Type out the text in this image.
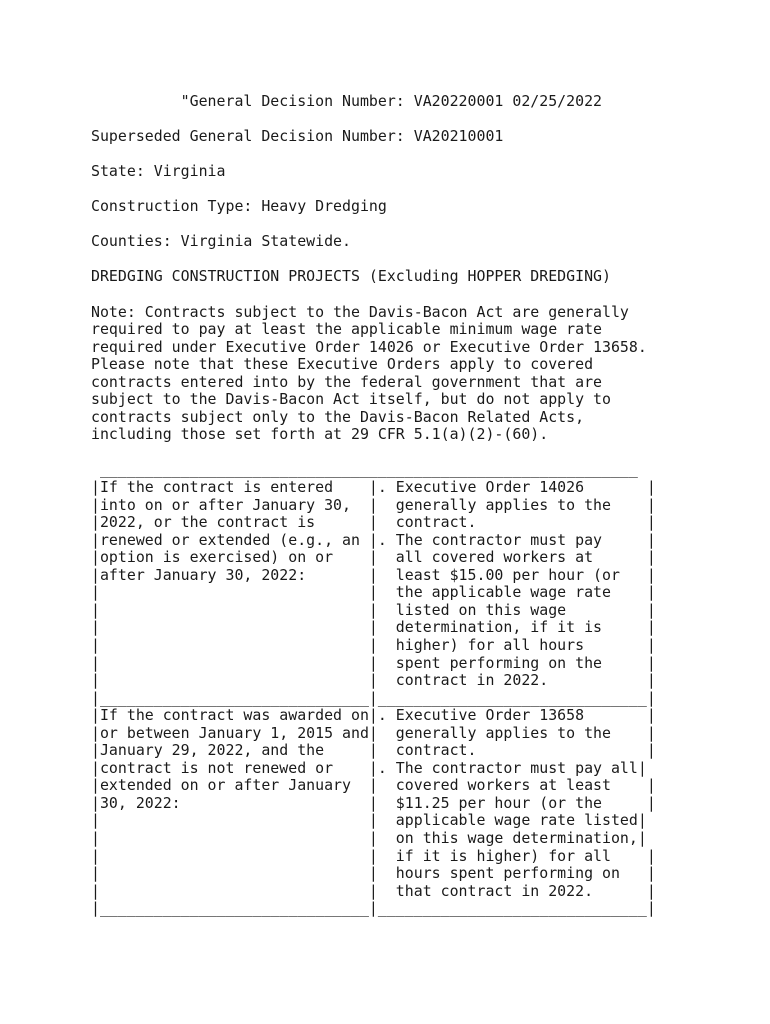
"General Decision Number: VA20220001 02/25/2022
Superseded General Decision Number: VA20210001
State: Virginia
Construction Type: Heavy Dredging
Counties: Virginia Statewide.
DREDGING CONSTRUCTION PROJECTS (Excluding HOPPER DREDGING)
Note: Contracts subject to the Davis-Bacon Act are generally
required to pay at least the applicable minimum wage rate
required under Executive Order 14026 or Executive Order 13658.
Please note that these Executive Orders apply to covered
contracts entered into by the federal government that are
subject to the Davis-Bacon Act itself, but do not apply to
contracts subject only to the Davis-Bacon Related Acts,
including those set forth at 29 CFR 5.1(a)(2)-(60).
____________________________________________________________
|If the contract is entered    |. Executive Order 14026       |
|into on or after January 30,  |  generally applies to the    |
|2022, or the contract is      |  contract.                   |
|renewed or extended (e.g., an |. The contractor must pay     |
|option is exercised) on or    |  all covered workers at      |
|after January 30, 2022:       |  least $15.00 per hour (or   |
|                              |  the applicable wage rate    |
|                              |  listed on this wage         |
|                              |  determination, if it is     |
|                              |  higher) for all hours       |
|                              |  spent performing on the     |
|                              |  contract in 2022.           |
|______________________________|______________________________|
|If the contract was awarded on|. Executive Order 13658       |
|or between January 1, 2015 and|  generally applies to the    |
|January 29, 2022, and the     |  contract.                   |
|contract is not renewed or    |. The contractor must pay all|
|extended on or after January  |  covered workers at least    |
|30, 2022:                     |  $11.25 per hour (or the     |
|                              |  applicable wage rate listed|
|                              |  on this wage determination,|
|                              |  if it is higher) for all    |
|                              |  hours spent performing on   |
|                              |  that contract in 2022.      |
|______________________________|______________________________|
